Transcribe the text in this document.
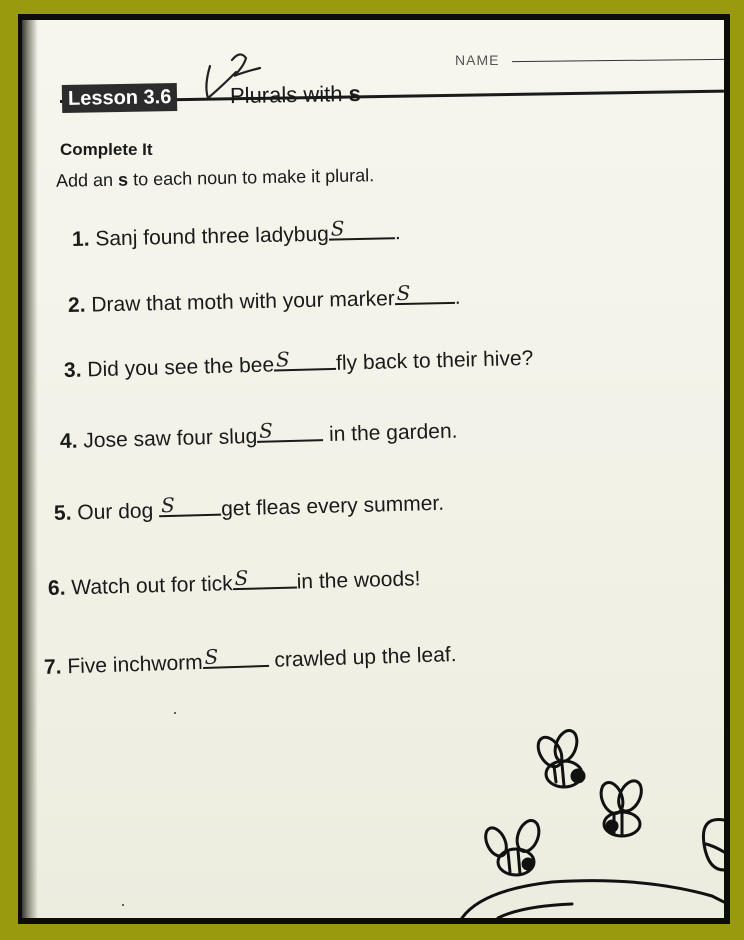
NAME
Lesson 3.6	Plurals with s
Complete It
Add an s to each noun to make it plural.
1. Sanj found three ladybug S .
2. Draw that moth with your marker S .
3. Did you see the bee S fly back to their hive?
4. Jose saw four slug S in the garden.
5. Our dog S get fleas every summer.
6. Watch out for tick S in the woods!
7. Five inchworm S crawled up the leaf.
